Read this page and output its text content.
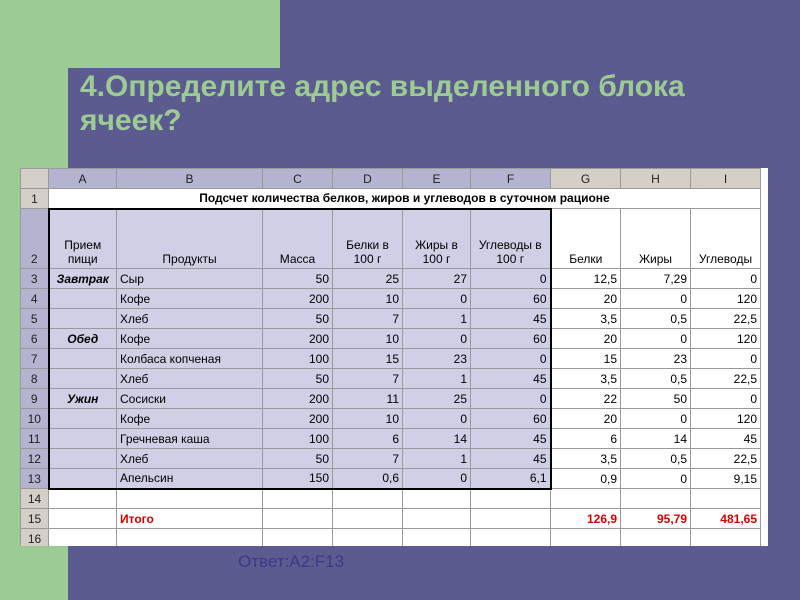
4.Определите адрес выделенного блока ячеек?
	A	B	C	D	E	F	G	H	I
1	Подсчет количества белков, жиров и углеводов в суточном рационе								
2	Прием пищи	Продукты	Масса	Белки в 100 г	Жиры в 100 г	Углеводы в 100 г	Белки	Жиры	Углеводы
3	Завтрак	Сыр	50	25	27	0	12,5	7,29	0
4		Кофе	200	10	0	60	20	0	120
5		Хлеб	50	7	1	45	3,5	0,5	22,5
6	Обед	Кофе	200	10	0	60	20	0	120
7		Колбаса копченая	100	15	23	0	15	23	0
8		Хлеб	50	7	1	45	3,5	0,5	22,5
9	Ужин	Сосиски	200	11	25	0	22	50	0
10		Кофе	200	10	0	60	20	0	120
11		Гречневая каша	100	6	14	45	6	14	45
12		Хлеб	50	7	1	45	3,5	0,5	22,5
13		Апельсин	150	0,6	0	6,1	0,9	0	9,15
14									
15		Итого					126,9	95,79	481,65
16									
Ответ:A2:F13
